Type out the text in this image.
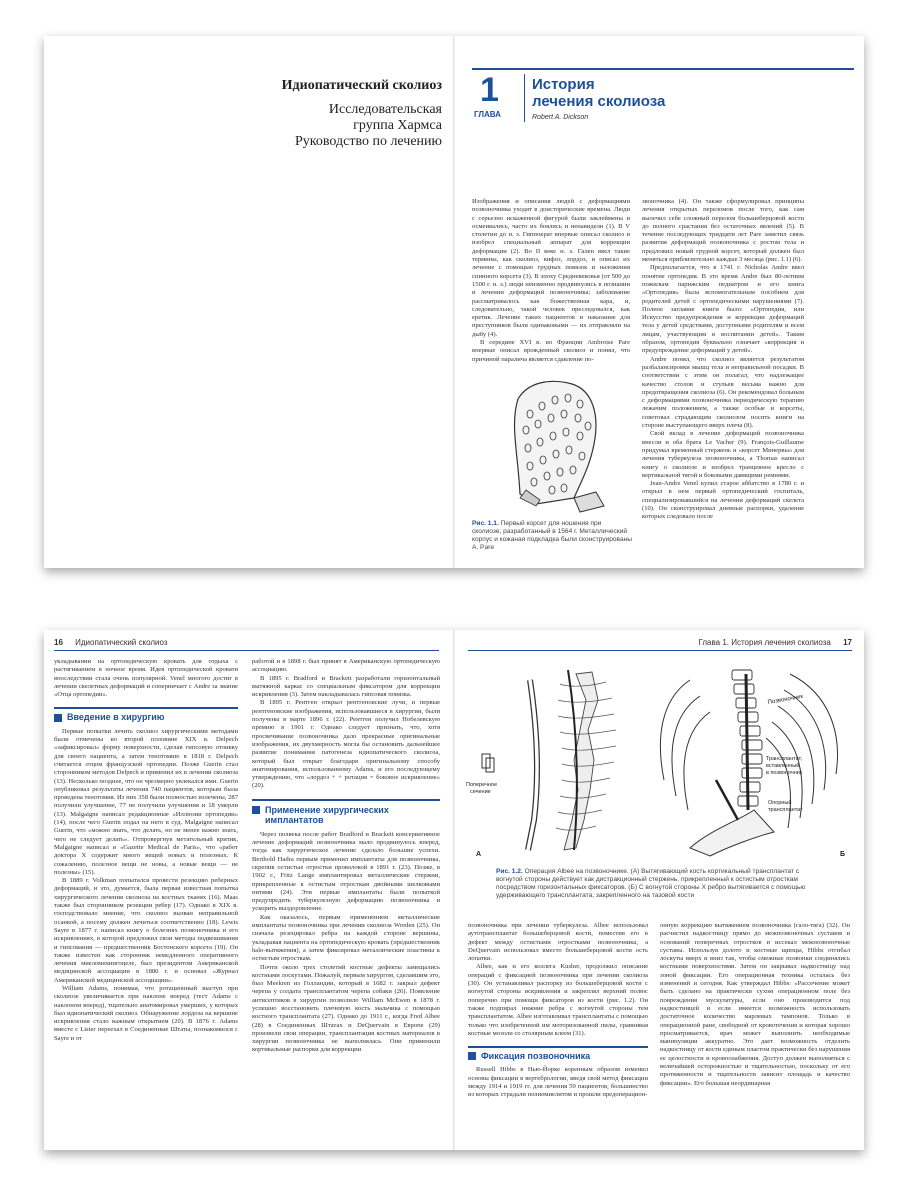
Идиопатический сколиоз
Исследовательская
группа Хармса
Руководство по лечению
1
ГЛАВА
История
лечения сколиоза
Robert A. Dickson

Изображения и описания людей с деформациями позвоночника уходят в доисторические времена. Люди с серьезно искаженной фигурой были заклеймены и осмеивались, часто их боялись и ненавидели (1). В V столетии до н. э. Гиппократ впервые описал сколиоз и изобрел специальный аппарат для коррекции деформации (2). Во II веке н. э. Гален ввел такие термины, как сколиоз, кифоз, лордоз, и описал их лечение с помощью грудных повязок и наложения спинного корсета (3). В эпоху Средневековья (от 500 до 1500 г. н. э.) люди неизменно продвинулись в познании и лечении деформаций позвоночника; заболевание рассматривалось как божественная кара, и, следовательно, такой человек преследовался, как еретик. Лечение таких пациентов и наказание для преступников были одинаковыми — их отправляли на дыбу (4).

В середине XVI в. во Франции Ambroise Pare впервые описал врожденный сколиоз и понял, что причиной паралича является сдавление по-

Рис. 1.1. Первый корсет для ношения при сколиозе, разработанный в 1564 г. Металлический корпус и кожаная подкладка были сконструированы А. Pare

звоночника (4). Он также сформулировал принципы лечения открытых переломов после того, как сам вылечил себе сложный перелом большеберцовой кости до полного срастания без остаточных явлений (5). В течение последующих тридцати лет Pare заметил связь развития деформаций позвоночника с ростом тела и предложил новый грудной корсет, который должен был меняться приблизительно каждые 3 месяца (рис. 1.1) (6).

Предполагается, что в 1741 г. Nicholas Andre ввел понятие ортопедия. В это время Andre был 80-летним пожилым парижским педиатром и его книга «Ортопедия» была вспомогательным пособием для родителей детей с ортопедическими нарушениями (7). Полное заглавие книги было: «Ортопедия, или Искусство предупреждения и коррекции деформаций тела у детей средствами, доступными родителям и всем лицам, участвующим в воспитании детей». Таким образом, ортопедия буквально означает «коррекция и предупреждение деформаций у детей».

Andre понял, что сколиоз является результатом разбалансировки мышц тела и неправильной посадки. В соответствии с этим он полагал, что надлежащее качество столов и стульев весьма важно для предотвращения сколиоза (6). Он рекомендовал больным с деформациями позвоночника периодическую терапию лежачим положением, а также особые и корсеты, советовал страдающим сколиозом носить книги на стороне выступающего вверх плеча (8).

Свой вклад в лечение деформаций позвоночника внесли и оба брата Le Vacher (9). François-Guillaume придумал временный стержень и «корсет Минервы» для лечения туберкулеза позвоночника, а Thomas написал книгу о сколиозе и изобрел транцевное кресло с вертикальной тягой и боковыми давящими ремнями.

Jean-Andre Venel купил старое аббатство в 1780 г. и открыл в нем первый ортопедический госпиталь, специализировавшийся на лечении деформаций скелета (10). Он сконструировал дневные распорки, удаление которых следовало после

16 Идиопатический сколиоз

укладывании на ортопедическую кровать для отдыха с растягиванием в ночное время. Идея ортопедической кровати впоследствии стала очень популярной. Venel многого достиг в лечении скелетных деформаций и соперничает с Andre за звание «Отца ортопедии».

Введение в хирургию

Первые попытки лечить сколиоз хирургическими методами были отмечены во второй половине XIX в. Delpech «зафиксировал» форму поверхности, сделав гипсовую отливку для своего пациента, а затем тенотомию в 1818 г. Delpech считается отцом французской ортопедии. Позже Guerin стал сторонником методов Delpech и применил их в лечении сколиоза (13). Несколько позднее, что он чрезмерно увлекался ими. Guerin опубликовал результаты лечения 740 пациентов, которым была проведена тенотомия. Из них 358 были полностью излечены, 287 получили улучшение, 77 не получили улучшения и 18 умерли (13). Malgaigne написал редакционные «Иллюзии ортопедии» (14), после чего Guerin подал на него в суд. Malgaigne написал Guerin, что «можно знать, что делать, но не менее важно знать, чего не следует делать». Отпровергнув метательный критик, Malgaigne написал в «Gazette Medical de Paris», что «работ доктора X содержит много вещей новых и полезных. К сожалению, полезное вещи не новы, а новые вещи — не полезны» (15).

В 1889 г. Volkman попытался провести резекцию реберных деформаций, и это, думается, была первая известная попытка хирургического лечения сколиоза на костных тканях (16). Maas также был сторонником резекции ребер (17). Однако в XIX в. господствовало мнение, что сколиоз вызван неправильной осанкой, а посему должен лечиться соответственно (18). Lewis Sayre в 1877 г. написал книгу о болезнях позвоночника и его искривлениях, в которой предложил свои методы подвешивания и гипсования — предшественник Бостонского корсета (19). Он также известен как сторонник немедленного оперативного лечения миеломенингоцеле, был президентом Американской медицинской ассоциации в 1880 г. и основал «Журнал Американской медицинской ассоциации».

William Adams, понимая, что ротационный выступ при сколиозе увеличивается при наклоне вперед (тест Adams с наклоном вперед), тщательно анатомировал умерших, у которых был идиопатический сколиоз. Обнаружение лордоза на вершине искривления стало важным открытием (20). В 1876 г. Adams вместе с Lister переехал в Соединенные Штаты, познакомился с Sayre и от

работой и в 1898 г. был принят в Американскую ортопедическую ассоциацию.

В 1895 г. Bradford и Brackett разработали горизонтальный вытяжной каркас со специальным фиксатором для коррекции искривления (3). Затем накладывалась гипсовая повязка.

В 1895 г. Рентген открыл рентгеновские лучи, и первые рентгеновские изображения, использовавшиеся в хирургии, были получены в марте 1896 г. (22). Рентген получил Нобелевскую премию в 1901 г. Однако следует признать, что, хотя просвечивание позвоночника дало прекрасные оригинальные изображения, их двухмерность могла бы остановить дальнейшее развитие понимания патогенеза идиопатического сколиоза, который был открыт благодаря оригинальному способу анатомирования, использованному Adams, и его последующему утверждению, что «лордоз + + ротация = боковое искривление» (20).

Применение хирургических
имплантатов

Через полвека после работ Bradford и Brackett консервативное лечение деформаций позвоночника мало продвинулось вперед, тогда как хирургическое лечение сделало большие успехи. Berthold Hadra первым применил имплантаты для позвоночника, скрепив остистые отростки проволокой в 1891 г. (23). Позже, в 1902 г., Fritz Lange имплантировал металлические стержни, прикрепленные к остистым отросткам двойными шелковыми нитями (24). Эти первые имплантаты были попыткой предупредить туберкулезную деформацию позвоночника и ускорить выздоровление.

Как оказалось, первым применением металлические имплантаты позвоночника при лечении сколиоза Wreden (25). Он сначала резецировал ребра на каждой стороне вершины, укладывая пациента на ортопедическую кровать (предшественник halo-вытяжения), а затем фиксировал металлические пластины к остистым отросткам.

Почти около трех столетий костные дефекты замещались костными лоскутами. Пожалуй, первым хирургом, сделавшим это, был Meekren из Голландии, который в 1682 г. закрыл дефект черепа у солдата трансплантатом черепа собаки (26). Появление антисептиков в хирургии позволило William McEwen в 1878 г. успешно восстановить плечевую кость мальчика с помощью костного трансплантата (27). Однако до 1911 г., когда Fred Albee (28) в Соединенных Штатах и DeQuervain в Европе (29) произвели свои операции, трансплантация костных материалов в хирургии позвоночника не выполнялась. Они применили кортикальные распорки для коррекции

Глава 1. История лечения сколиоза 17
A
Поперечное
сечение
Позвоночник
Трансплантат,
вставленный
в позвоночник
Опорный
трансплантат
Б
Рис. 1.2. Операция Albee на позвоночнике. (А) Вытягивающий кость кортикальный трансплантат с вогнутой стороны действует как дистракционный стержень, прикрепленный к остистым отросткам посредством горизонтальных фиксаторов. (Б) С вогнутой стороны X ребро вытягивается с помощью удерживающего трансплантата, закрепленного на тазовой кости

позвоночника при лечении туберкулеза. Albee использовал аутотрансплантат большеберцовой кости, поместив его в дефект между остистыми отростками позвоночника, а DeQuervain использовал вместо большеберцовой кости ость лопатки.

Albee, как и его коллега Kusher, продолжил описание операций с фиксацией позвоночника при лечении сколиоза (30). Он устанавливал распорку из большеберцовой кости с вогнутой стороны искривления и закреплял верхний полюс поперечно при помощи фиксаторов из кости (рис. 1.2). Он также подпирал нижние ребра с вогнутой стороны тем трансплантатом. Albee изготавливал трансплантаты с помощью только что изобретенной им моторизованной пилы, сравнивая костные мозоли со столярным клеем (31).

Фиксация позвоночника

Russell Hibbs в Нью-Йорке коренным образом изменил основы фиксации в вертебрологии, введя свой метод фиксации между 1914 и 1919 гг. для лечения 59 пациентов, большинство из которых страдали полиомиелитом и прошли предоперацион-

онную коррекцию вытяжением позвоночника (гало-тяга) (32). Он расчистил надкостницу прямо до межпозвоночных суставов и оснований поперечных отростков и иссекал межпозвоночные суставы. Используя долото и костные щипцы, Hibbs отгибал лоскуты вверх и вниз так, чтобы смежные позвонки соединялись костными поверхностями. Затем он закрывал надкостницу над зоной фиксации. Его операционная техника осталась без изменений и сегодня. Как утверждал Hibbs: «Рассечение может быть сделано на практически сухом операционном поле без повреждения мускулатуры, если оно производится под надкостницей и если имеется возможность использовать достаточное количество марлевых тампонов. Только в операционной ране, свободной от кровотечения и которая хорошо просматривается, врач может выполнить необходимые манипуляции аккуратно. Это дает возможность отделить надкостницу от кости единым пластом практически без нарушения ее целостности и кровоснабжения. Доступ должен выполняться с величайшей осторожностью и тщательностью, поскольку от его протяженности и тщательности зависит площадь и качество фиксации». Его большая неординарная
